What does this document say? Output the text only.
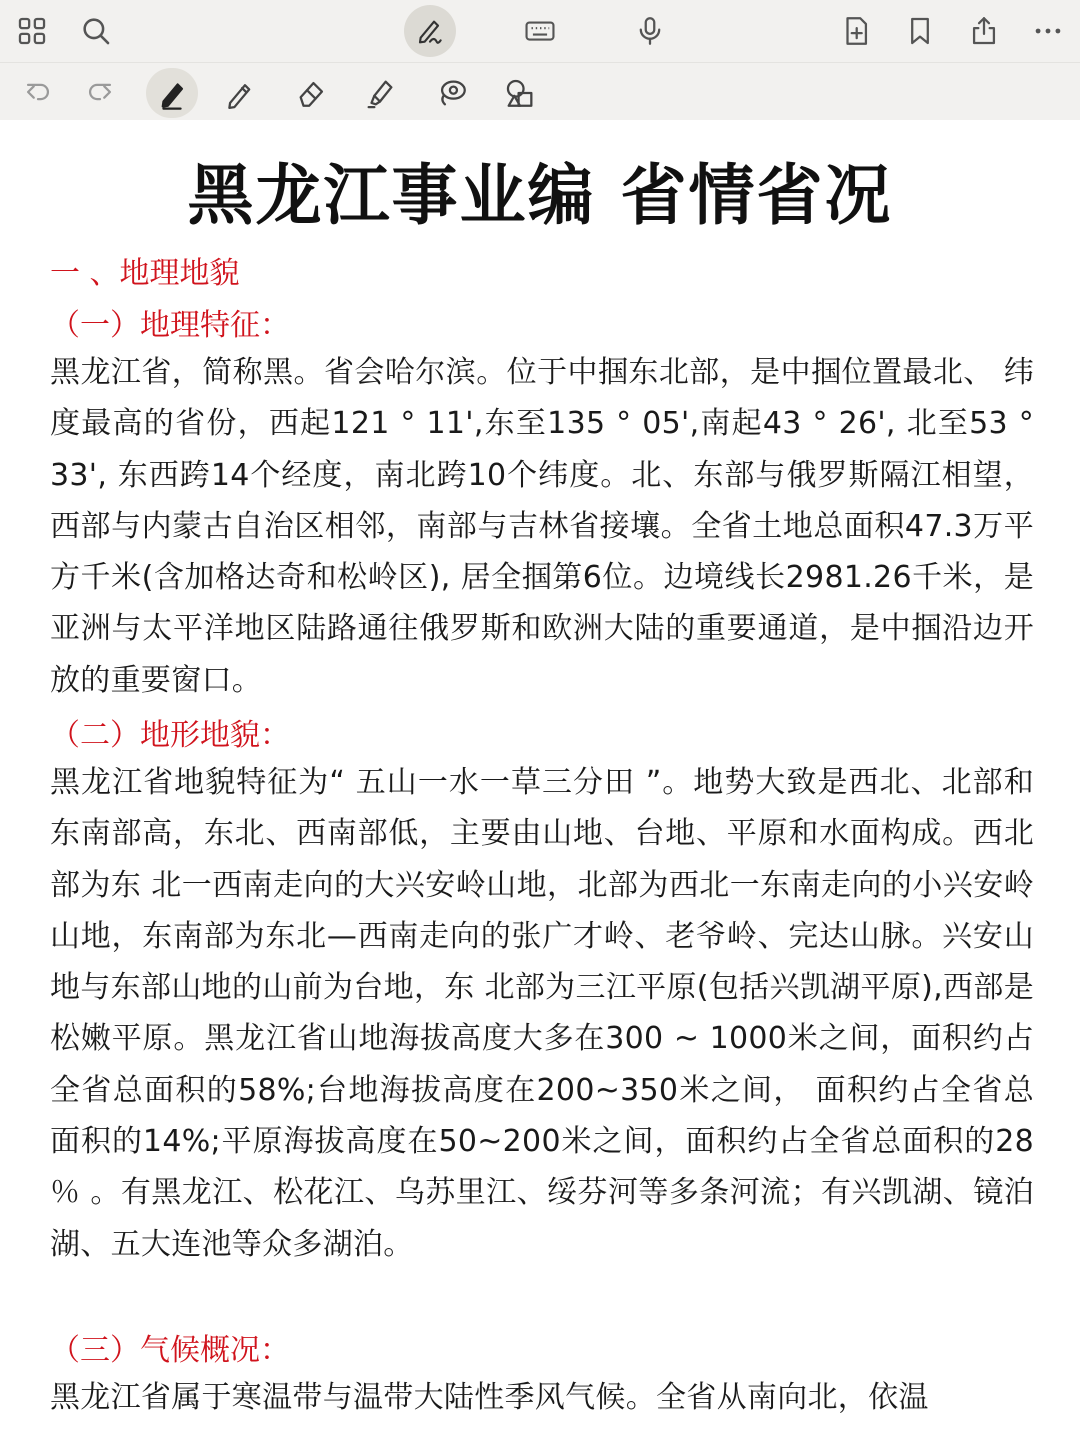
黑龙江事业编 省情省况
一 、地理地貌
（一）地理特征：
黑龙江省，简称黑。省会哈尔滨。位于中掴东北部，是中掴位置最北、 纬度最高的省份，西起121 ° 11',东至135 ° 05',南起43 ° 26', 北至53 ° 33', 东西跨14个经度，南北跨10个纬度。北、东部与俄罗斯隔江相望，西部与内蒙古自治区相邻，南部与吉林省接壤。全省土地总面积47.3万平方千米(含加格达奇和松岭区), 居全掴第6位。边境线长2981.26千米，是亚洲与太平洋地区陆路通往俄罗斯和欧洲大陆的重要通道，是中掴沿边开放的重要窗口。
（二）地形地貌：
黑龙江省地貌特征为“ 五山一水一草三分田 ”。地势大致是西北、北部和东南部高，东北、西南部低，主要由山地、台地、平原和水面构成。西北部为东 北一西南走向的大兴安岭山地，北部为西北一东南走向的小兴安岭山地，东南部为东北—西南走向的张广才岭、老爷岭、完达山脉。兴安山地与东部山地的山前为台地，东 北部为三江平原(包括兴凯湖平原),西部是松嫩平原。黑龙江省山地海拔高度大多在300 ~ 1000米之间，面积约占全省总面积的58%;台地海拔高度在200~350米之间， 面积约占全省总面积的14%;平原海拔高度在50~200米之间，面积约占全省总面积的28 ％ 。有黑龙江、松花江、乌苏里江、绥芬河等多条河流；有兴凯湖、镜泊湖、五大连池等众多湖泊。
（三）气候概况：
黑龙江省属于寒温带与温带大陆性季风气候。全省从南向北，依温
